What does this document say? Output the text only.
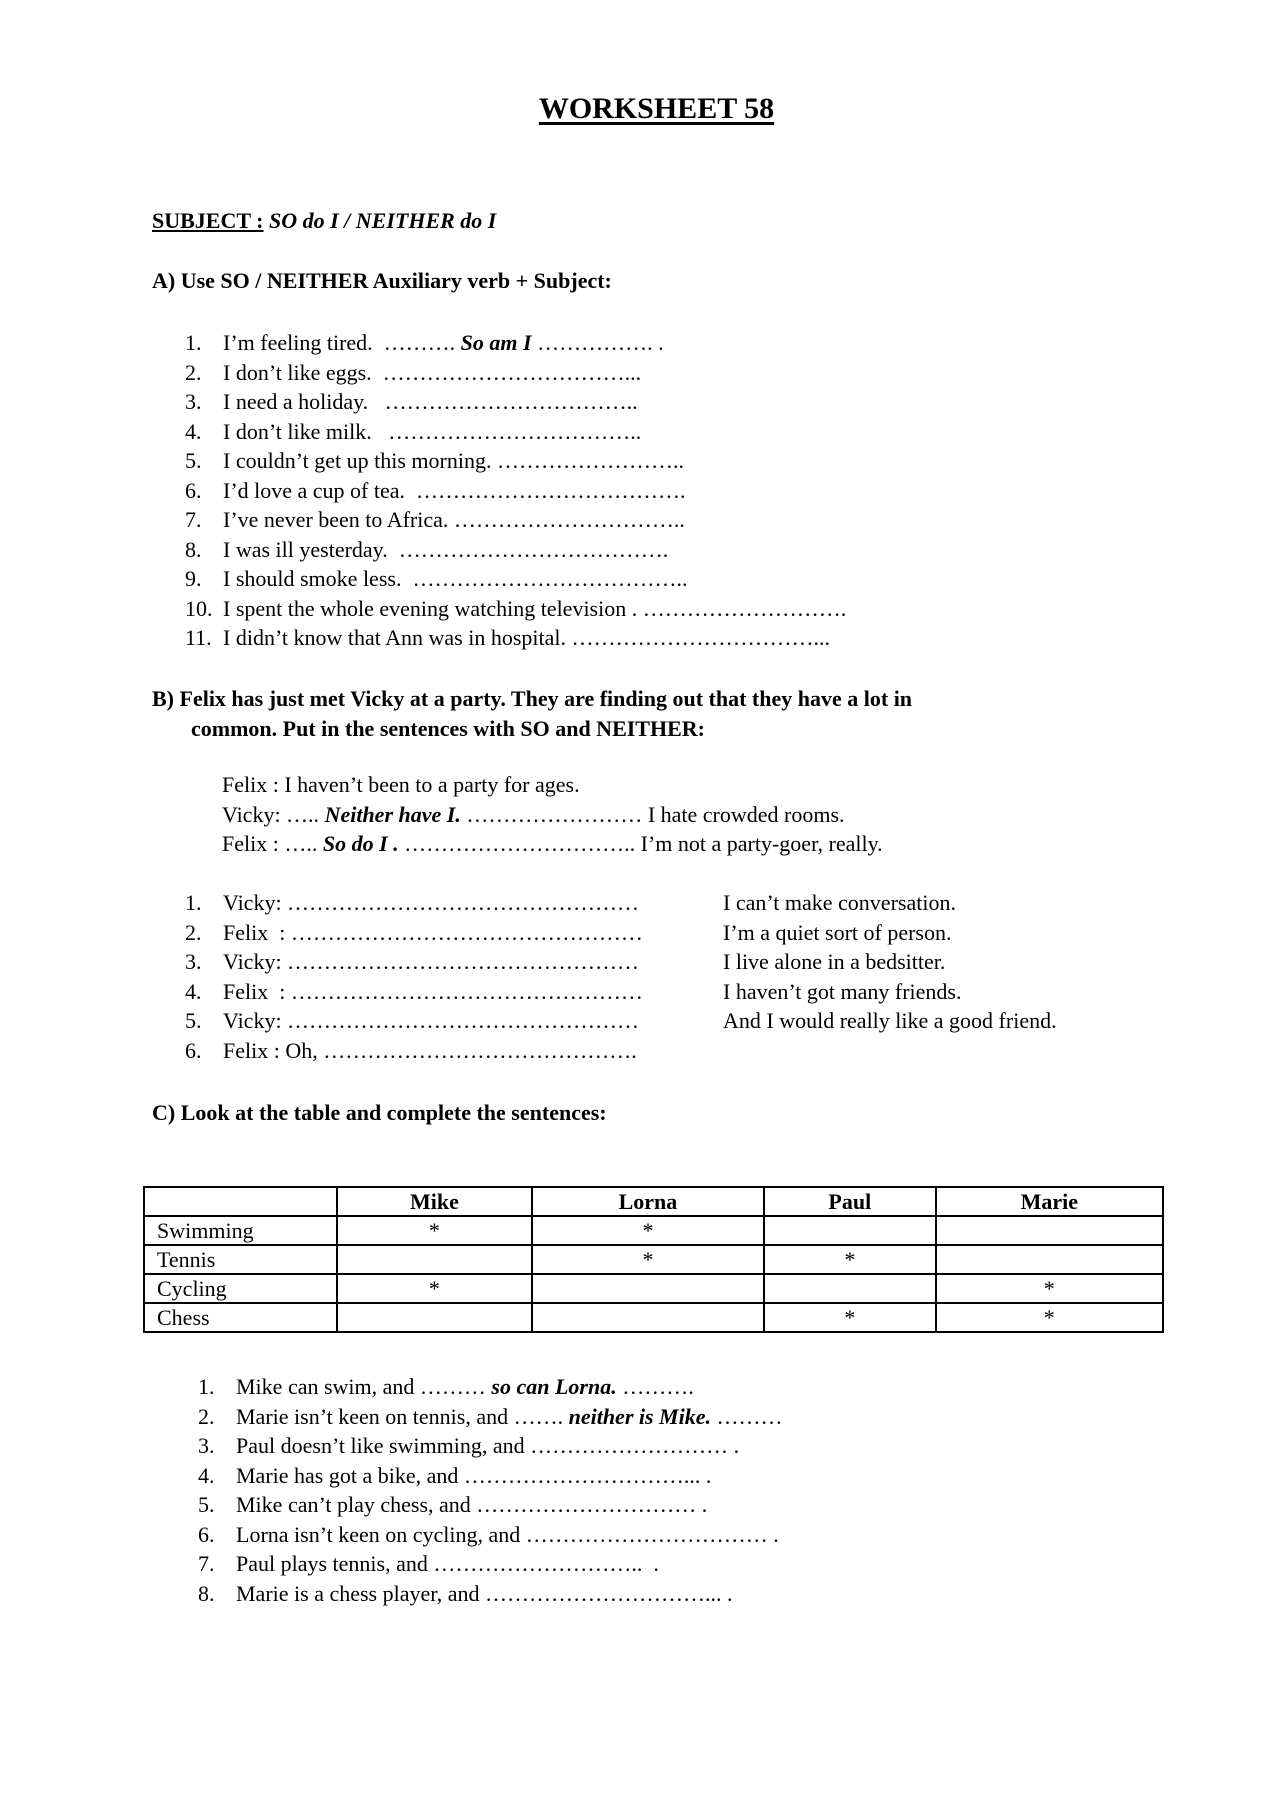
WORKSHEET 58
SUBJECT : SO do I / NEITHER do I
A) Use SO / NEITHER Auxiliary verb + Subject:
1. I’m feeling tired.  ………. So am I ……………. .
2. I don’t like eggs.  ……………………………...
3. I need a holiday.   ……………………………..
4. I don’t like milk.   ……………………………..
5. I couldn’t get up this morning. ……………………..
6. I’d love a cup of tea.  ……………………………….
7. I’ve never been to Africa. …………………………..
8. I was ill yesterday.  ……………………………….
9. I should smoke less.  ………………………………..
10. I spent the whole evening watching television . ……………………….
11. I didn’t know that Ann was in hospital. ……………………………...
B) Felix has just met Vicky at a party. They are finding out that they have a lot in
common. Put in the sentences with SO and NEITHER:
Felix : I haven’t been to a party for ages.
Vicky: ….. Neither have I. …………………… I hate crowded rooms.
Felix : ….. So do I . ………………………….. I’m not a party-goer, really.
1. Vicky: …………………………………………	I can’t make conversation.
2. Felix  : …………………………………………	I’m a quiet sort of person.
3. Vicky: …………………………………………	I live alone in a bedsitter.
4. Felix  : …………………………………………	I haven’t got many friends.
5. Vicky: …………………………………………	And I would really like a good friend.
6. Felix : Oh, …………………………………….
C) Look at the table and complete the sentences:
	Mike	Lorna	Paul	Marie
Swimming	*	*		
Tennis		*	*	
Cycling	*			*
Chess			*	*
1. Mike can swim, and ……… so can Lorna. ……….
2. Marie isn’t keen on tennis, and ……. neither is Mike. ………
3. Paul doesn’t like swimming, and ……………………… .
4. Marie has got a bike, and …………………………... .
5. Mike can’t play chess, and ………………………… .
6. Lorna isn’t keen on cycling, and …………………………… .
7. Paul plays tennis, and ………………………..  .
8. Marie is a chess player, and …………………………... .
